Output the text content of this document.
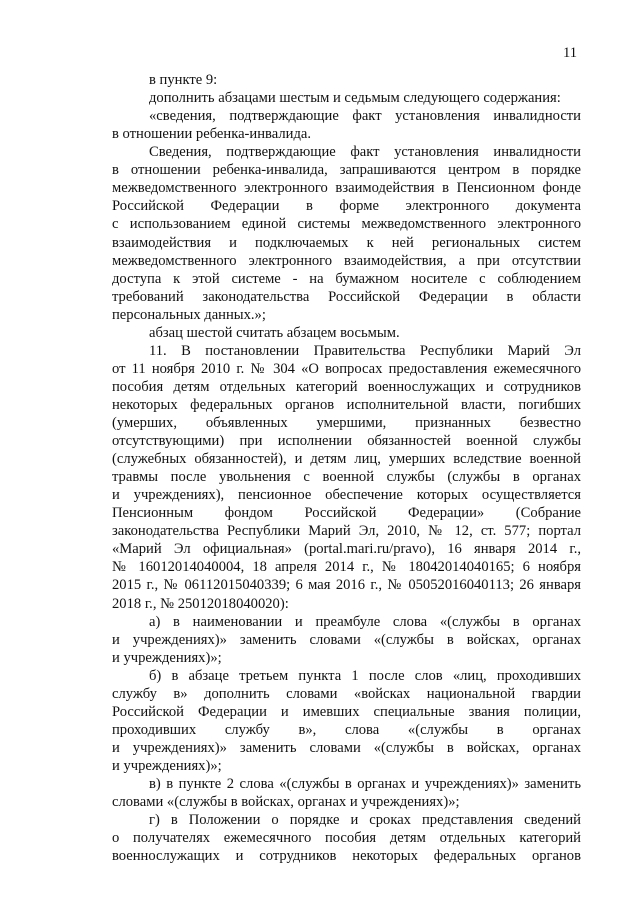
11
в пункте 9:
дополнить абзацами шестым и седьмым следующего содержания:
«сведения, подтверждающие факт установления инвалидности
в отношении ребенка-инвалида.
Сведения, подтверждающие факт установления инвалидности
в отношении ребенка-инвалида, запрашиваются центром в порядке
межведомственного электронного взаимодействия в Пенсионном фонде
Российской Федерации в форме электронного документа
с использованием единой системы межведомственного электронного
взаимодействия и подключаемых к ней региональных систем
межведомственного электронного взаимодействия, а при отсутствии
доступа к этой системе - на бумажном носителе с соблюдением
требований законодательства Российской Федерации в области
персональных данных.»;
абзац шестой считать абзацем восьмым.
11. В постановлении Правительства Республики Марий Эл
от 11 ноября 2010 г. № 304 «О вопросах предоставления ежемесячного
пособия детям отдельных категорий военнослужащих и сотрудников
некоторых федеральных органов исполнительной власти, погибших
(умерших, объявленных умершими, признанных безвестно
отсутствующими) при исполнении обязанностей военной службы
(служебных обязанностей), и детям лиц, умерших вследствие военной
травмы после увольнения с военной службы (службы в органах
и учреждениях), пенсионное обеспечение которых осуществляется
Пенсионным фондом Российской Федерации» (Собрание
законодательства Республики Марий Эл, 2010, № 12, ст. 577; портал
«Марий Эл официальная» (portal.mari.ru/pravo), 16 января 2014 г.,
№ 16012014040004, 18 апреля 2014 г., № 18042014040165; 6 ноября
2015 г., № 06112015040339; 6 мая 2016 г., № 05052016040113; 26 января
2018 г., № 25012018040020):
а) в наименовании и преамбуле слова «(службы в органах
и учреждениях)» заменить словами «(службы в войсках, органах
и учреждениях)»;
б) в абзаце третьем пункта 1 после слов «лиц, проходивших
службу в» дополнить словами «войсках национальной гвардии
Российской Федерации и имевших специальные звания полиции,
проходивших службу в», слова «(службы в органах
и учреждениях)» заменить словами «(службы в войсках, органах
и учреждениях)»;
в) в пункте 2 слова «(службы в органах и учреждениях)» заменить
словами «(службы в войсках, органах и учреждениях)»;
г) в Положении о порядке и сроках представления сведений
о получателях ежемесячного пособия детям отдельных категорий
военнослужащих и сотрудников некоторых федеральных органов
